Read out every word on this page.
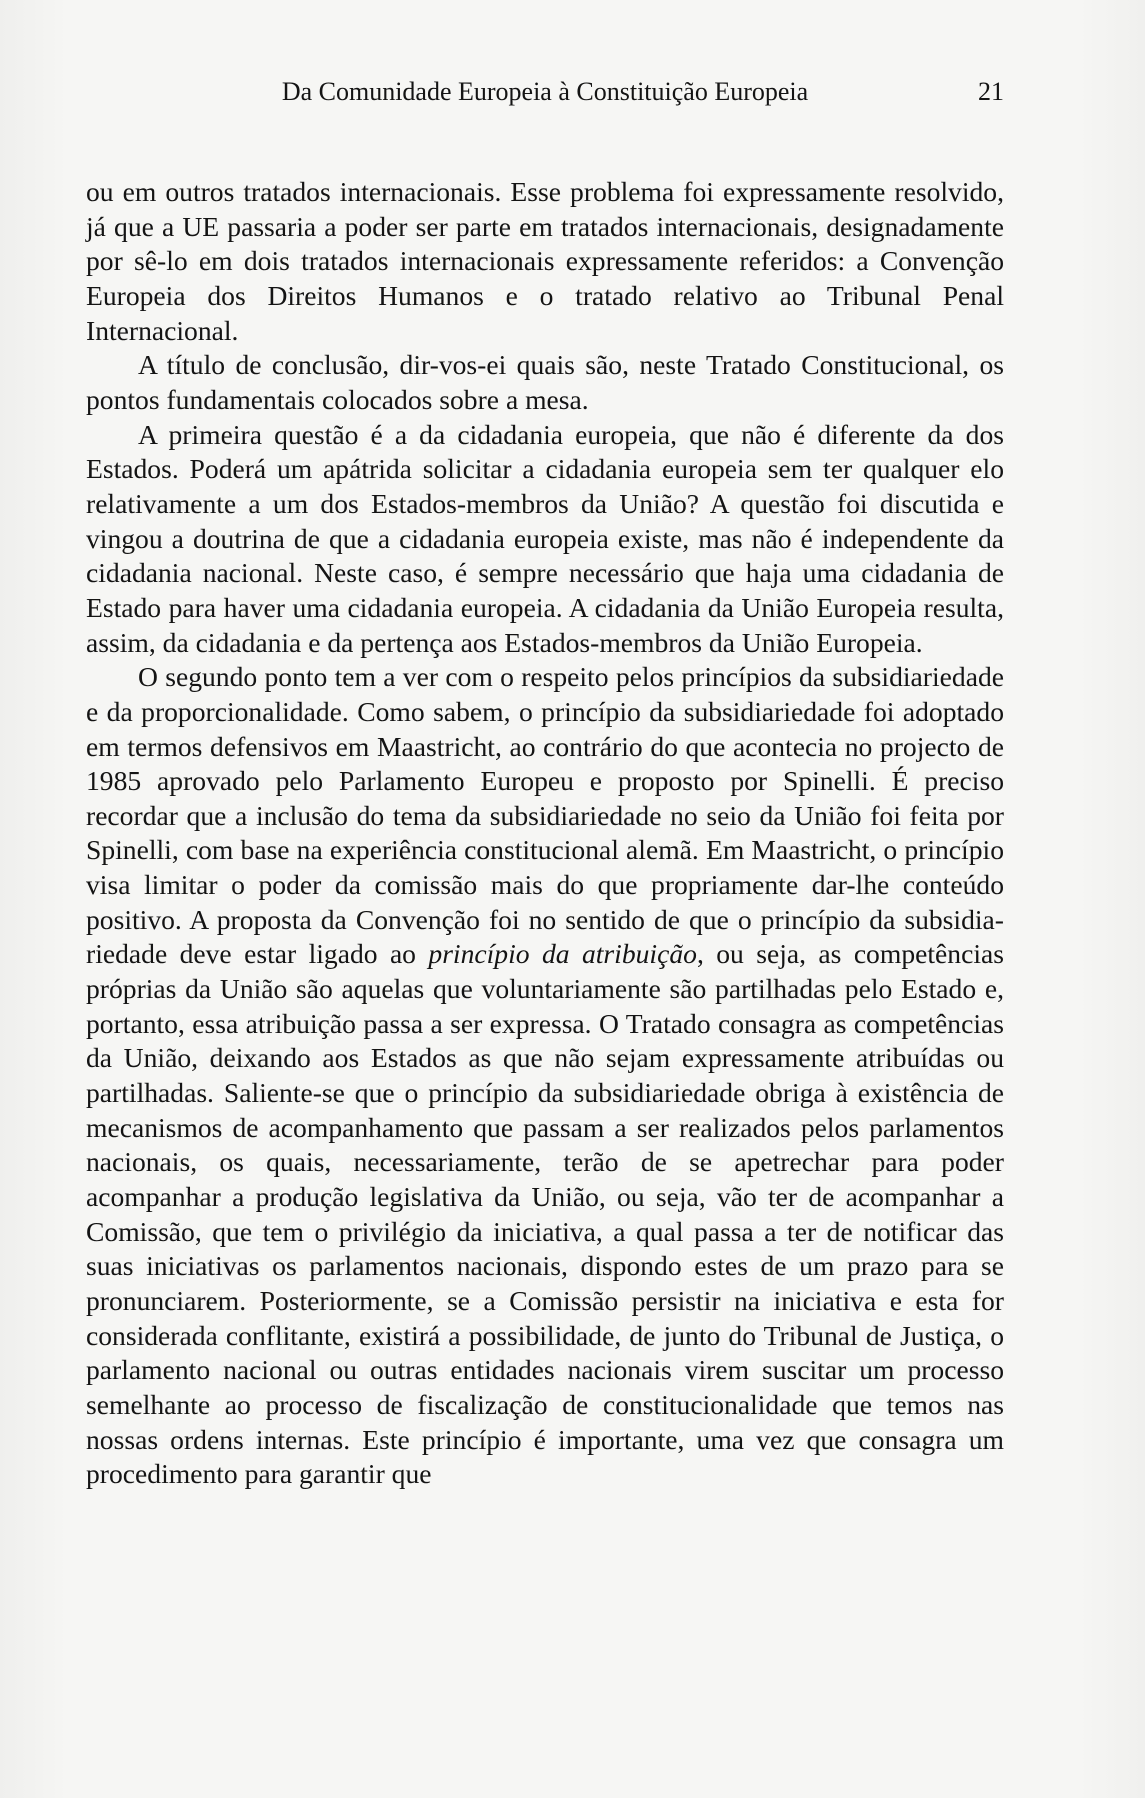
Da Comunidade Europeia à Constituição Europeia	21

ou em outros tratados internacionais. Esse problema foi expressamente resolvido, já que a UE passaria a poder ser parte em tratados internacionais, designadamente por sê-lo em dois tratados internacionais expressamente referidos: a Convenção Europeia dos Direitos Humanos e o tratado relativo ao Tribunal Penal Internacional.

A título de conclusão, dir-vos-ei quais são, neste Tratado Constitucional, os pontos fundamentais colocados sobre a mesa.

A primeira questão é a da cidadania europeia, que não é diferente da dos Estados. Poderá um apátrida solicitar a cidadania europeia sem ter qualquer elo relativamente a um dos Estados-membros da União? A questão foi discutida e vingou a doutrina de que a cidadania europeia existe, mas não é independente da cidadania nacional. Neste caso, é sempre necessário que haja uma cidadania de Estado para haver uma cidadania europeia. A cidadania da União Europeia resulta, assim, da cidadania e da pertença aos Estados-membros da União Europeia.

O segundo ponto tem a ver com o respeito pelos princípios da subsidiariedade e da proporcionalidade. Como sabem, o princípio da subsidiariedade foi adoptado em termos defensivos em Maastricht, ao contrário do que acontecia no projecto de 1985 aprovado pelo Parlamento Europeu e proposto por Spinelli. É preciso recordar que a inclusão do tema da subsidiariedade no seio da União foi feita por Spinelli, com base na experiência constitucional alemã. Em Maastricht, o princípio visa limitar o poder da comissão mais do que propriamente dar-lhe conteúdo positivo. A proposta da Convenção foi no sentido de que o princípio da subsidiariedade deve estar ligado ao princípio da atribuição, ou seja, as competências próprias da União são aquelas que voluntariamente são partilhadas pelo Estado e, portanto, essa atribuição passa a ser expressa. O Tratado consagra as competências da União, deixando aos Estados as que não sejam expressamente atribuídas ou partilhadas. Saliente-se que o princípio da subsidiariedade obriga à existência de mecanismos de acompanhamento que passam a ser realizados pelos parlamentos nacionais, os quais, necessariamente, terão de se apetrechar para poder acompanhar a produção legislativa da União, ou seja, vão ter de acompanhar a Comissão, que tem o privilégio da iniciativa, a qual passa a ter de notificar das suas iniciativas os parlamentos nacionais, dispondo estes de um prazo para se pronunciarem. Posteriormente, se a Comissão persistir na iniciativa e esta for considerada conflitante, existirá a possibilidade, de junto do Tribunal de Justiça, o parlamento nacional ou outras entidades nacionais virem suscitar um processo semelhante ao processo de fiscalização de constitucionalidade que temos nas nossas ordens internas. Este princípio é importante, uma vez que consagra um procedimento para garantir que
